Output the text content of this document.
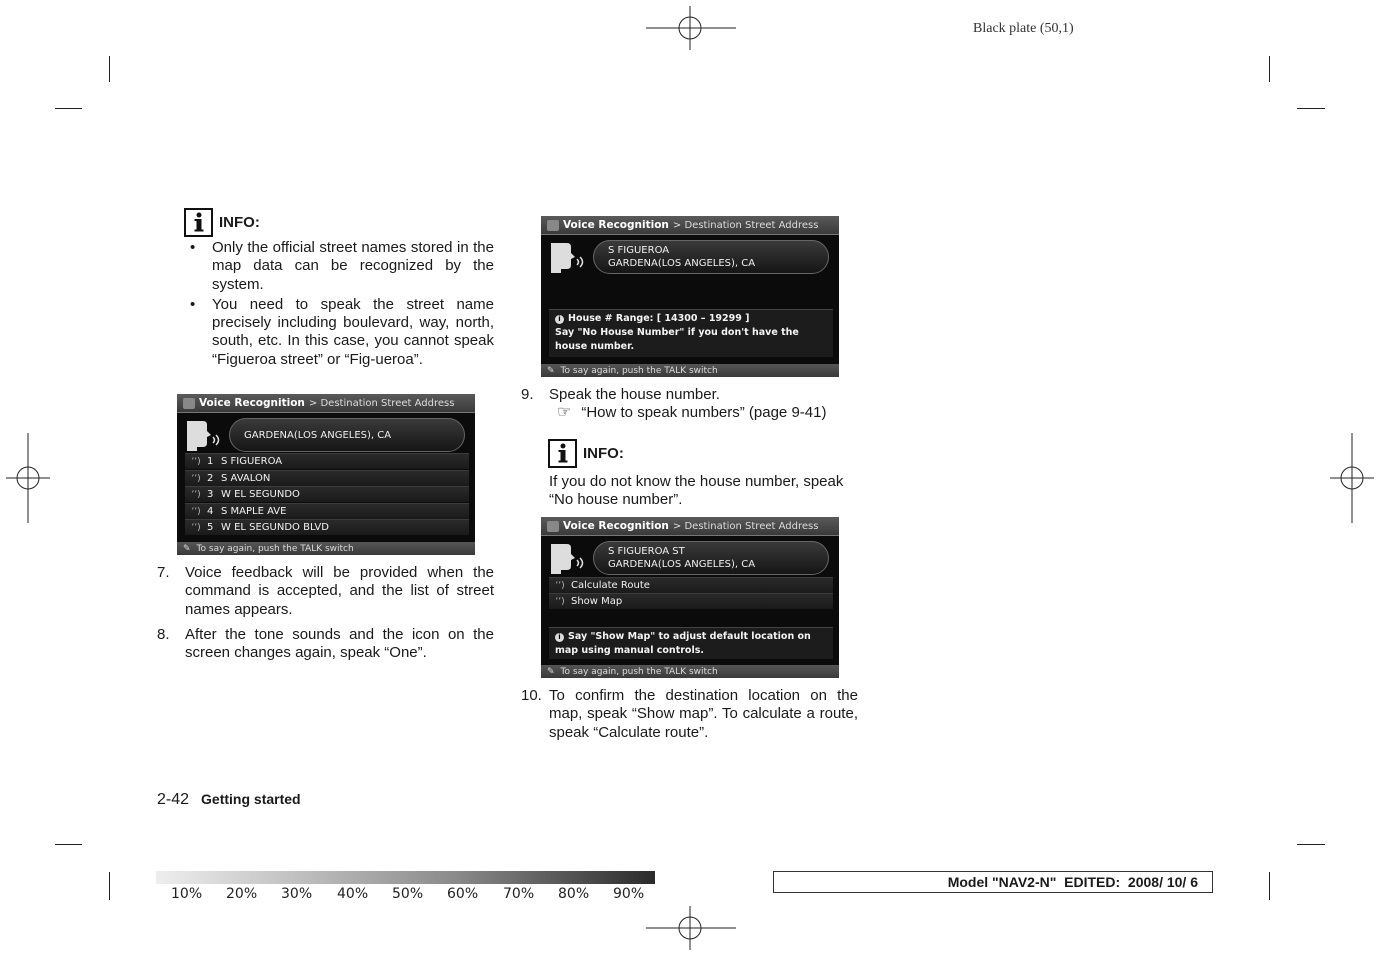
Black plate (50,1)
INFO:
• Only the official street names stored in the map data can be recognized by the system.
• You need to speak the street name precisely including boulevard, way, north, south, etc. In this case, you cannot speak “Figueroa street” or “Fig-ueroa”.
Voice Recognition > Destination Street Address
GARDENA(LOS ANGELES), CA
ʼʼ) 1 S FIGUEROA
ʼʼ) 2 S AVALON
ʼʼ) 3 W EL SEGUNDO
ʼʼ) 4 S MAPLE AVE
ʼʼ) 5 W EL SEGUNDO BLVD
✎ To say again, push the TALK switch
7. Voice feedback will be provided when the command is accepted, and the list of street names appears.
8. After the tone sounds and the icon on the screen changes again, speak “One”.
2-42 Getting started
Voice Recognition > Destination Street Address
S FIGUEROA
GARDENA(LOS ANGELES), CA
i House # Range: [ 14300 – 19299 ]
Say "No House Number" if you don't have the house number.
✎ To say again, push the TALK switch
9. Speak the house number.
☞ “How to speak numbers” (page 9-41)
INFO:
If you do not know the house number, speak “No house number”.
Voice Recognition > Destination Street Address
S FIGUEROA ST
GARDENA(LOS ANGELES), CA
ʼʼ) Calculate Route
ʼʼ) Show Map
i Say "Show Map" to adjust default location on map using manual controls.
✎ To say again, push the TALK switch
10. To confirm the destination location on the map, speak “Show map”. To calculate a route, speak “Calculate route”.
10% 20% 30% 40% 50% 60% 70% 80% 90%
Model "NAV2-N"  EDITED:  2008/ 10/ 6
